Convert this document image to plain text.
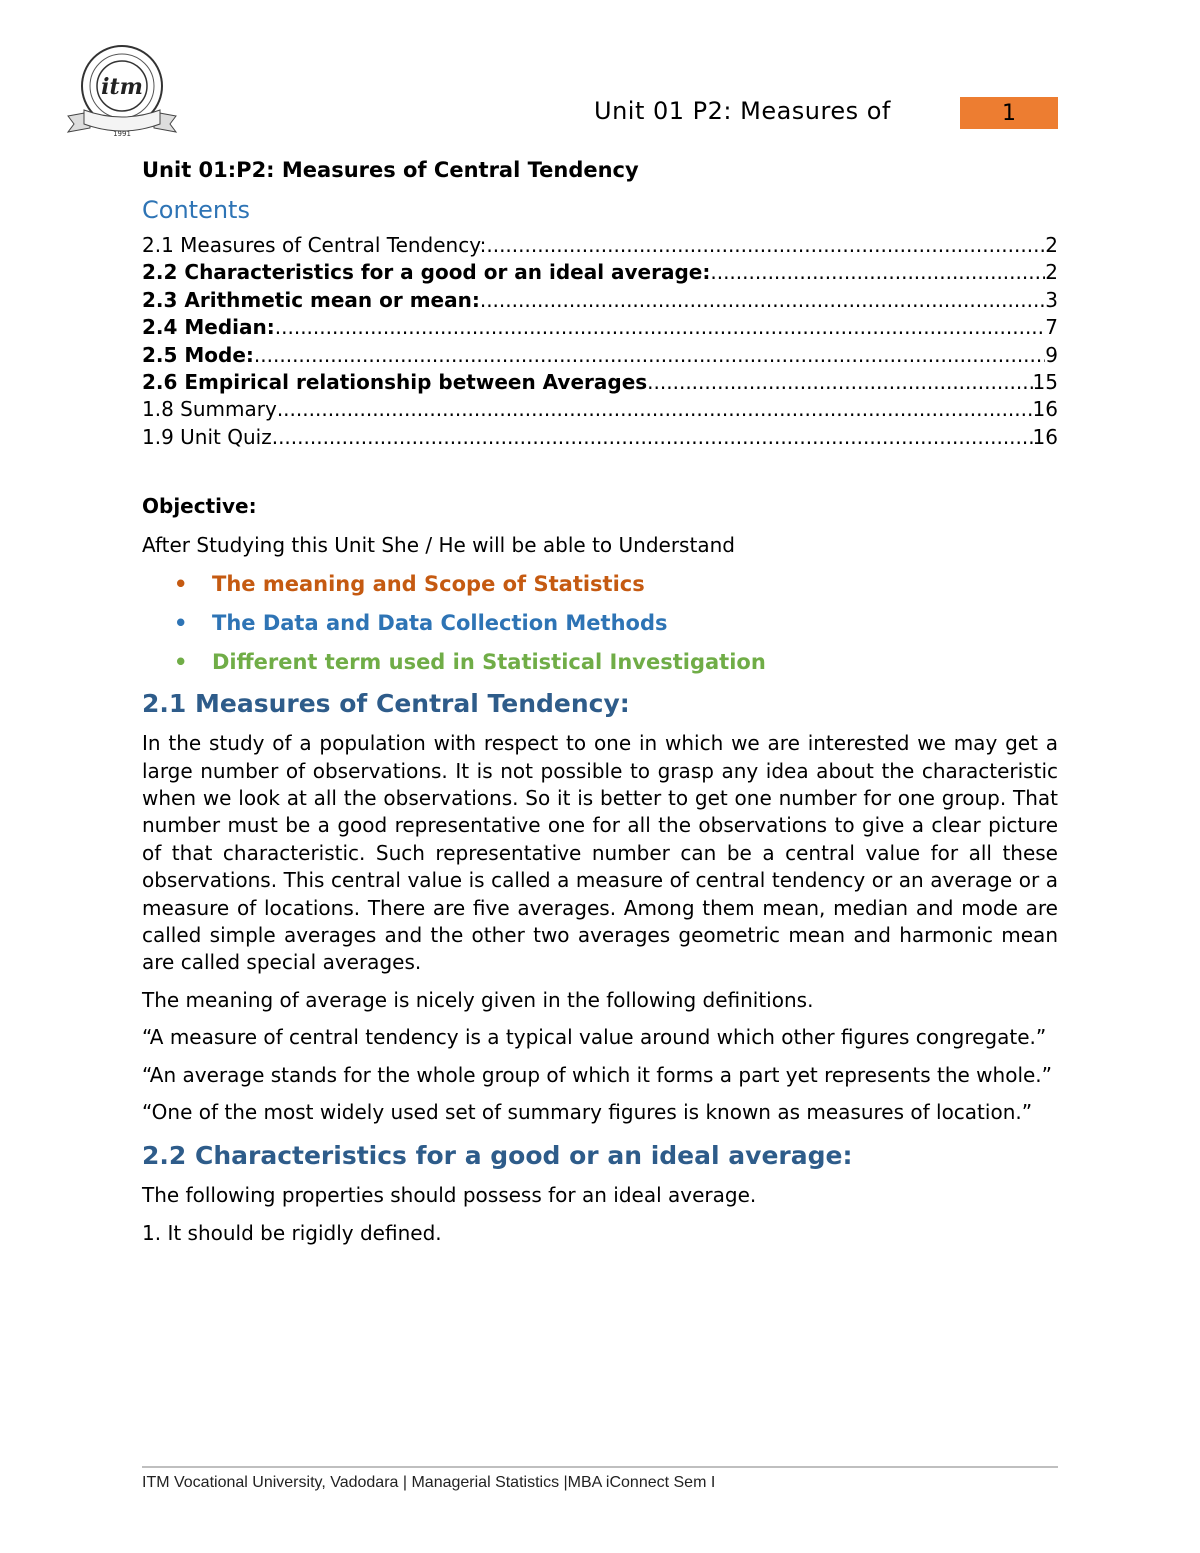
itm
1991
Unit 01 P2: Measures of	1
Unit 01:P2: Measures of Central Tendency
Contents
2.1 Measures of Central Tendency: .....	2
2.2 Characteristics for a good or an ideal average: .....	2
2.3 Arithmetic mean or mean: .....	3
2.4 Median: .....	7
2.5 Mode: .....	9
2.6 Empirical relationship between Averages .....	15
1.8 Summary .....	16
1.9 Unit Quiz .....	16
Objective:
After Studying this Unit She / He will be able to Understand
• The meaning and Scope of Statistics
• The Data and Data Collection Methods
• Different term used in Statistical Investigation
2.1 Measures of Central Tendency:

In the study of a population with respect to one in which we are interested we may get a large number of observations. It is not possible to grasp any idea about the characteristic when we look at all the observations. So it is better to get one number for one group. That number must be a good representative one for all the observations to give a clear picture of that characteristic. Such representative number can be a central value for all these observations. This central value is called a measure of central tendency or an average or a measure of locations. There are five averages. Among them mean, median and mode are called simple averages and the other two averages geometric mean and harmonic mean are called special averages.

The meaning of average is nicely given in the following definitions.

“A measure of central tendency is a typical value around which other figures congregate.”

“An average stands for the whole group of which it forms a part yet represents the whole.”

“One of the most widely used set of summary figures is known as measures of location.”

2.2 Characteristics for a good or an ideal average:

The following properties should possess for an ideal average.

1. It should be rigidly defined.

ITM Vocational University, Vadodara | Managerial Statistics |MBA iConnect Sem I
